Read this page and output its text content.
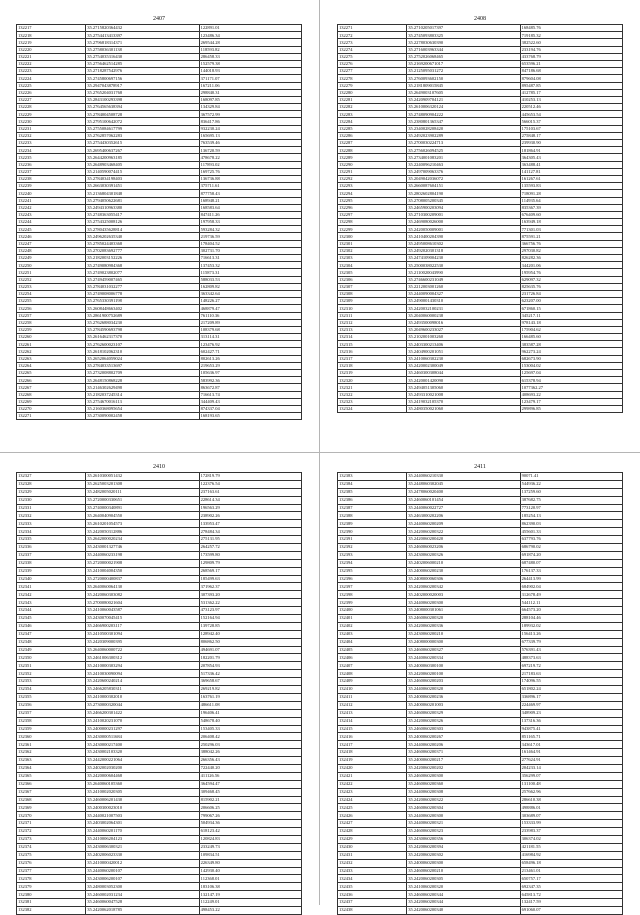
2407
132217	35.2715820364432	122891.01
132218	35.2754413413397	123486.34
132219	35.2796818314371	269544.28
132220	35.2758036301138	118593.82
132221	35.2754035316430	286458.33
132222	35.2756462514285	152579.38
132223	35.2718287542976	144018.93
132224	35.2745800697156	371171.07
132225	35.2947043878917	167211.06
132226	35.2765204031768	298840.31
132227	35.2843100293398	168097.85
132228	35.2764565638394	134329.84
132229	35.2784004508728	367572.99
132230	35.2795100642072	836417.86
132231	35.2755084617799	932230.24
132232	35.2762857062283	165695.13
132233	35.2754430352615	763539.46
132234	35.2695400637267	136720.59
132235	35.2644200963185	478678.22
132236	35.2648903468405	117893.02
132237	35.2140590074415	169725.76
132238	35.2784034198403	136736.88
132239	35.2663030391451	375711.61
132240	35.2136804301848	877758.43
132241	35.2794050622681	168948.21
132242	35.2494310963380	168583.64
132243	35.2748363055417	847411.26
132244	35.2754325008126	197958.33
132245	35.2780435628814	593284.32
132246	35.2496202635340	219736.59
132247	35.2785024403368	178404.52
132248	35.2702083692777	302731.70
132249	35.2182003152226	716613.31
132250	35.2749080984368	137453.32
132251	35.2749023802077	115873.31
132252	35.2749459007465	588033.53
132253	35.2784031032277	162809.82
132254	35.2749008006778	363342.64
132255	35.2765330391198	148226.27
132256	35.2608448663402	468879.47
132257	35.2861900752689	761110.36
132258	35.2762688034230	217209.89
132259	35.2784590693798	108379.68
132260	35.2616462317370	313114.31
132261	35.2762600023107	123476.92
132262	35.2618102062310	602427.71
132263	35.2652064059024	802613.26
132264	35.2784033513697	219653.29
132265	35.2732008802709	105636.97
132266	35.2648150868228	583992.36
132267	35.2146302629498	863672.87
132268	35.2182037245314	716613.74
132269	35.2754670016113	344409.43
132270	35.2160368095654	874337.04
132271	35.2730090002458	168193.65
2408
132271	35.2710205017397	168485.76
132272	35.2745093803325	719185.32
132273	35.2278030630390	382522.60
132274	35.2716003963344	233194.76
132275	35.2752026068465	433768.79
132276	35.2169200671017	653596.21
132277	35.2125095031272	847186.68
132278	35.2760093602150	879604.08
132279	35.2181809015845	895487.85
132280	35.2649003107605	412785.17
132281	35.2420909704121	410253.13
132282	35.2610006320124	220512.46
132283	35.2748090904222	445653.54
132284	35.2380801365347	566015.37
132285	35.2340028208420	175103.67
132286	35.2492023902289	275848.17
132287	35.2700030224713	239930.90
132288	35.2756026094525	181864.91
132289	35.2734001083201	364305.43
132290	35.2240096210463	363488.41
132291	35.2497009063376	141127.81
132292	35.2049042036072	161267.61
132293	35.2660087604151	135593.83
132294	35.2802602804190	718091.28
132295	35.2708005200345	114935.64
132296	35.2465900203094	835367.39
132297	35.2710300209001	676409.60
132298	35.2469080026000	163949.18
132299	35.2420050009001	771301.03
132300	35.2410400204390	875591.21
132301	35.2495008610302	366756.76
132302	35.2492020301318	297030.82
132303	35.2474109004230	826282.36
132304	35.2500038022530	344201.06
132305	35.2110020043990	195954.76
132306	35.2746600231049	629097.32
132307	35.2212003001260	825635.76
132308	35.2440090004327	231726.84
132309	35.2490001430310	623207.00
132310	35.2420032100231	671860.15
132311	35.2040060000238	345217.11
132312	35.2493500098016	978143.18
132313	35.2049600233027	175904.62
132314	35.2102001003260	166485.60
132315	35.2403300213406	383587.28
132316	35.2404900201051	962273.24
132317	35.2410060302230	682673.90
132318	35.2420002300049	153004.02
132319	35.2460300308044	125697.04
132320	35.2420001420090	615378.94
132321	35.2494051305060	1077362.27
132322	35.2493310021008	408693.22
132323	35.2419032105370	123479.17
132324	35.2480350021060	299896.85
2410
132327	35.2610300051432	172819.79
132328	35.2625003201308	122376.54
132329	35.2482005020111	237163.61
132330	35.2720000330651	228614.34
132331	35.2740000340891	196563.29
132332	35.2640040904550	238902.26
132333	35.2610201054573	133953.47
132334	35.2420050312886	278484.34
132335	35.2642000020234	275131.95
132336	35.2430001327746	264257.72
132337	35.2440060233198	173599.80
132338	35.2720000021908	129809.79
132339	35.2410004004350	268569.17
132340	35.2720000400837	185499.63
132341	35.2640060064130	371962.37
132342	35.2420060303082	307393.20
132343	35.2700080021604	531362.22
132344	35.2410060043587	473123.97
132345	35.2430070045415	152164.94
132346	35.2466900203117	139728.85
132347	35.2410500301094	128942.40
132348	35.2420309000395	806862.50
132349	35.2640060000722	494691.07
132350	35.2461006300312	182201.79
132351	35.2410000303294	207854.93
132352	35.2410030090094	517336.42
132353	35.2420600240214	369658.67
132354	35.2466205830311	269219.82
132355	35.2410000302010	163761.19
132356	35.2730000320044	486611.08
132357	35.2466200301422	196406.41
132358	35.2410020231070	548678.40
132359	35.2400000231297	153405.33
132360	35.2430000511684	206408.42
132361	35.2430000217400	250296.03
132362	35.2430002103320	388042.26
132363	35.2442000221064	266356.43
132364	35.2402002030200	722440.20
132365	35.2420000604468	411126.56
132366	35.2640060105360	364594.47
132367	35.2410002020305	309468.45
132368	35.2460006201430	815902.21
132369	35.2400300023010	206606.25
132370	35.2440021007503	799067.26
132371	35.2403002064301	504934.36
132372	35.2440060201170	618123.42
132373	35.2410006204123	120824.83
132374	35.2430006300321	233249.73
132375	35.2402006023330	109834.51
132376	35.2410000420012	226349.80
132377	35.2440060200107	142930.40
132378	35.2430006200107	112368.01
132379	35.2480003052300	183106.38
132380	35.2460002031234	132147.19
132381	35.2460060047528	112249.01
132382	35.2420062018785	498453.22
2411
132383	35.2440060210330	90071.41
132384	35.2448060302045	544936.22
132385	35.2478060020400	137259.60
132386	35.2460060101454	387682.75
132387	35.2440060022727	773120.97
132388	35.2463000202206	185254.13
132389	35.2440060200209	862390.03
132390	35.2420060200322	455601.33
132391	35.2420060200420	637793.76
132392	35.2460060023206	686790.02
132393	35.2430060200326	691874.20
132394	35.2402006000210	687480.07
132395	35.2400060200230	176137.33
132396	35.2408000060306	264413.99
132397	35.2420060200342	684902.04
132398	35.2402000020003	312678.49
132399	35.2440060200300	544112.11
132400	35.2408000301061	664573.20
132401	35.2460060200320	288104.46
132402	35.2420060200336	189932.02
132403	35.2430060200210	156413.26
132404	35.2408000000300	677339.79
132405	35.2460060200327	576391.43
132406	35.2440060200334	488373.63
132407	35.2400060300100	697219.72
132408	35.2420060200100	217183.63
132409	35.2460060200203	174096.55
132410	35.2440060200320	651802.24
132411	35.2400060200236	336896.17
132412	35.2400060201003	224469.97
132413	35.2460060200329	348909.23
132414	35.2420060200326	137316.36
132415	35.2460060200303	943875.41
132416	35.2400060200267	851165.71
132417	35.2440060200206	343617.01
132418	35.2460060200371	161464.91
132419	35.2400060200217	277624.91
132420	35.2420060200202	204233.14
132421	35.2460060200300	356299.07
132422	35.2460060200360	131100.48
132423	35.2440060200308	257662.96
132424	35.2420060200322	286610.38
132425	35.2460060200304	498886.01
132426	35.2440060200300	303689.07
132427	35.2440060200321	153333.99
132428	35.2460060200323	233983.37
132429	35.2430060200356	306374.02
132430	35.2420060200394	421181.55
132431	35.2420060200302	416984.92
132432	35.2400060200300	658496.18
132433	35.2460060200210	213461.01
132434	35.2420060200305	650757.17
132435	35.2410060200320	692347.35
132436	35.2460060200344	645813.72
132437	35.2420060200344	132417.59
132438	35.2420060200340	691060.07
